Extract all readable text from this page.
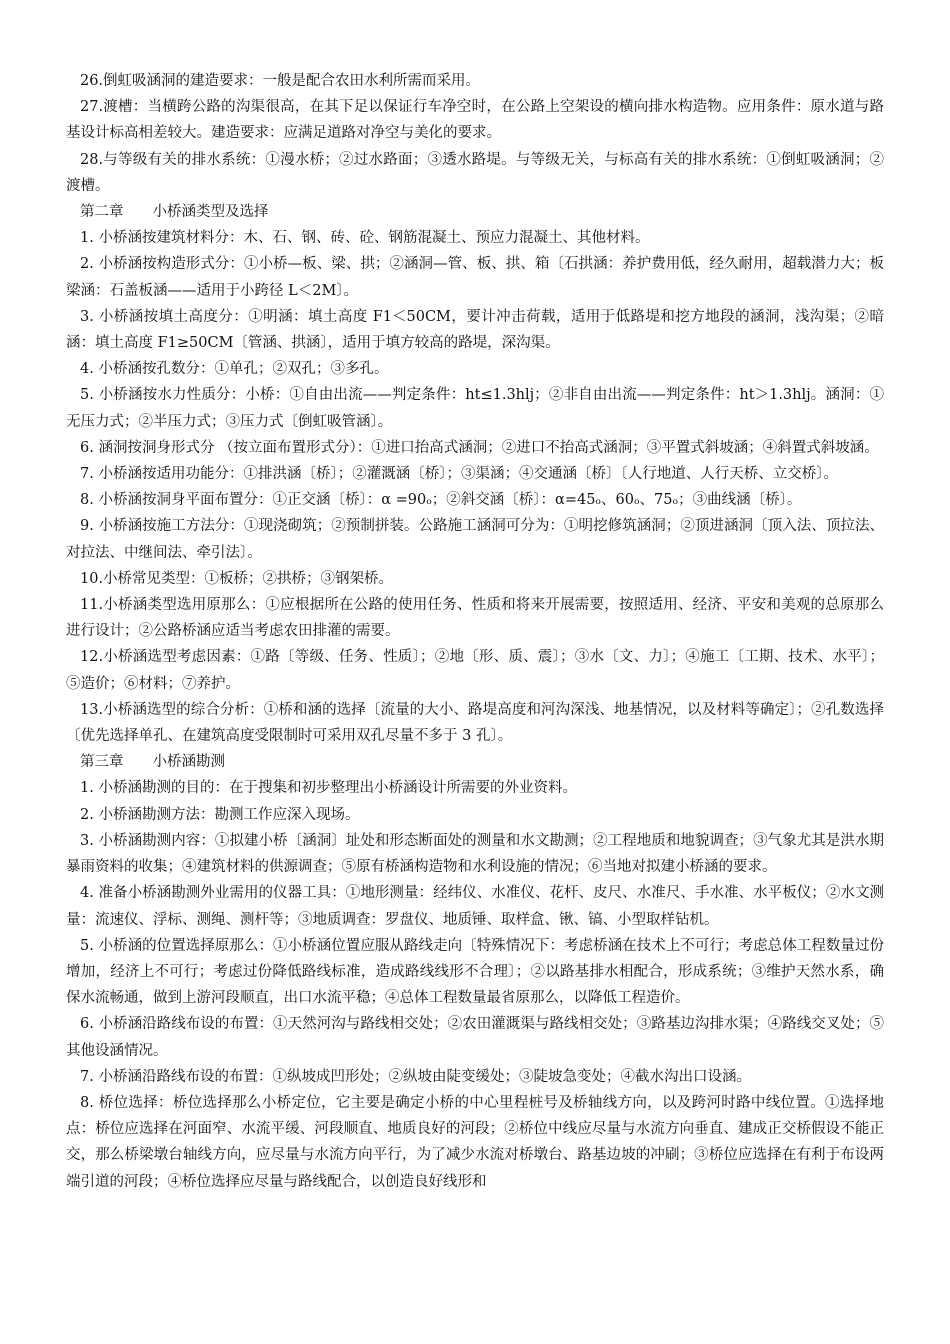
26.倒虹吸涵洞的建造要求：一般是配合农田水利所需而采用。

27.渡槽：当横跨公路的沟渠很高，在其下足以保证行车净空时，在公路上空架设的横向排水构造物。应用条件：原水道与路基设计标高相差较大。建造要求：应满足道路对净空与美化的要求。

28.与等级有关的排水系统：①漫水桥；②过水路面；③透水路堤。与等级无关，与标高有关的排水系统：①倒虹吸涵洞；②渡槽。

第二章　　小桥涵类型及选择

1. 小桥涵按建筑材料分：木、石、钢、砖、砼、钢筋混凝土、预应力混凝土、其他材料。

2. 小桥涵按构造形式分：①小桥—板、梁、拱；②涵洞—管、板、拱、箱〔石拱涵：养护费用低，经久耐用，超载潜力大；板梁涵：石盖板涵——适用于小跨径 L＜2M〕。

3. 小桥涵按填土高度分：①明涵：填土高度 F1＜50CM，要计冲击荷载，适用于低路堤和挖方地段的涵洞，浅沟渠；②暗涵：填土高度 F1≥50CM〔管涵、拱涵〕，适用于填方较高的路堤，深沟渠。

4. 小桥涵按孔数分：①单孔；②双孔；③多孔。

5. 小桥涵按水力性质分：小桥：①自由出流——判定条件：ht≤1.3hlj；②非自由出流——判定条件：ht＞1.3hlj。涵洞：①无压力式；②半压力式；③压力式〔倒虹吸管涵〕。

6. 涵洞按洞身形式分 （按立面布置形式分）：①进口抬高式涵洞；②进口不抬高式涵洞；③平置式斜坡涵；④斜置式斜坡涵。

7. 小桥涵按适用功能分：①排洪涵〔桥〕；②灌溉涵〔桥〕；③渠涵；④交通涵〔桥〕〔人行地道、人行天桥、立交桥〕。

8. 小桥涵按洞身平面布置分：①正交涵〔桥〕：α =90ₒ；②斜交涵〔桥〕：α=45ₒ、60ₒ、75ₒ；③曲线涵〔桥〕。

9. 小桥涵按施工方法分：①现浇砌筑；②预制拼装。公路施工涵洞可分为：①明挖修筑涵洞；②顶进涵洞〔顶入法、顶拉法、对拉法、中继间法、牵引法〕。

10.小桥常见类型：①板桥；②拱桥；③钢架桥。

11.小桥涵类型选用原那么：①应根据所在公路的使用任务、性质和将来开展需要，按照适用、经济、平安和美观的总原那么进行设计；②公路桥涵应适当考虑农田排灌的需要。

12.小桥涵选型考虑因素：①路〔等级、任务、性质〕；②地〔形、质、震〕；③水〔文、力〕；④施工〔工期、技术、水平〕；⑤造价；⑥材料；⑦养护。

13.小桥涵选型的综合分析：①桥和涵的选择〔流量的大小、路堤高度和河沟深浅、地基情况，以及材料等确定〕；②孔数选择〔优先选择单孔、在建筑高度受限制时可采用双孔尽量不多于 3 孔〕。

第三章　　小桥涵勘测

1. 小桥涵勘测的目的：在于搜集和初步整理出小桥涵设计所需要的外业资料。

2. 小桥涵勘测方法：勘测工作应深入现场。

3. 小桥涵勘测内容：①拟建小桥〔涵洞〕址处和形态断面处的测量和水文勘测；②工程地质和地貌调查；③气象尤其是洪水期暴雨资料的收集；④建筑材料的供源调查；⑤原有桥涵构造物和水利设施的情况；⑥当地对拟建小桥涵的要求。

4. 准备小桥涵勘测外业需用的仪器工具：①地形测量：经纬仪、水准仪、花杆、皮尺、水准尺、手水准、水平板仪；②水文测量：流速仪、浮标、测绳、测杆等；③地质调查：罗盘仪、地质锤、取样盒、锹、镐、小型取样钻机。

5. 小桥涵的位置选择原那么：①小桥涵位置应服从路线走向〔特殊情况下：考虑桥涵在技术上不可行；考虑总体工程数量过份增加，经济上不可行；考虑过份降低路线标准，造成路线线形不合理〕；②以路基排水相配合，形成系统；③维护天然水系，确保水流畅通，做到上游河段顺直，出口水流平稳；④总体工程数量最省原那么，以降低工程造价。

6. 小桥涵沿路线布设的布置：①天然河沟与路线相交处；②农田灌溉渠与路线相交处；③路基边沟排水渠；④路线交叉处；⑤其他设涵情况。

7. 小桥涵沿路线布设的布置：①纵坡成凹形处；②纵坡由陡变缓处；③陡坡急变处；④截水沟出口设涵。

8. 桥位选择：桥位选择那么小桥定位，它主要是确定小桥的中心里程桩号及桥轴线方向，以及跨河时路中线位置。①选择地点：桥位应选择在河面窄、水流平缓、河段顺直、地质良好的河段；②桥位中线应尽量与水流方向垂直、建成正交桥假设不能正交，那么桥梁墩台轴线方向，应尽量与水流方向平行，为了减少水流对桥墩台、路基边坡的冲刷；③桥位应选择在有利于布设两端引道的河段；④桥位选择应尽量与路线配合，以创造良好线形和
